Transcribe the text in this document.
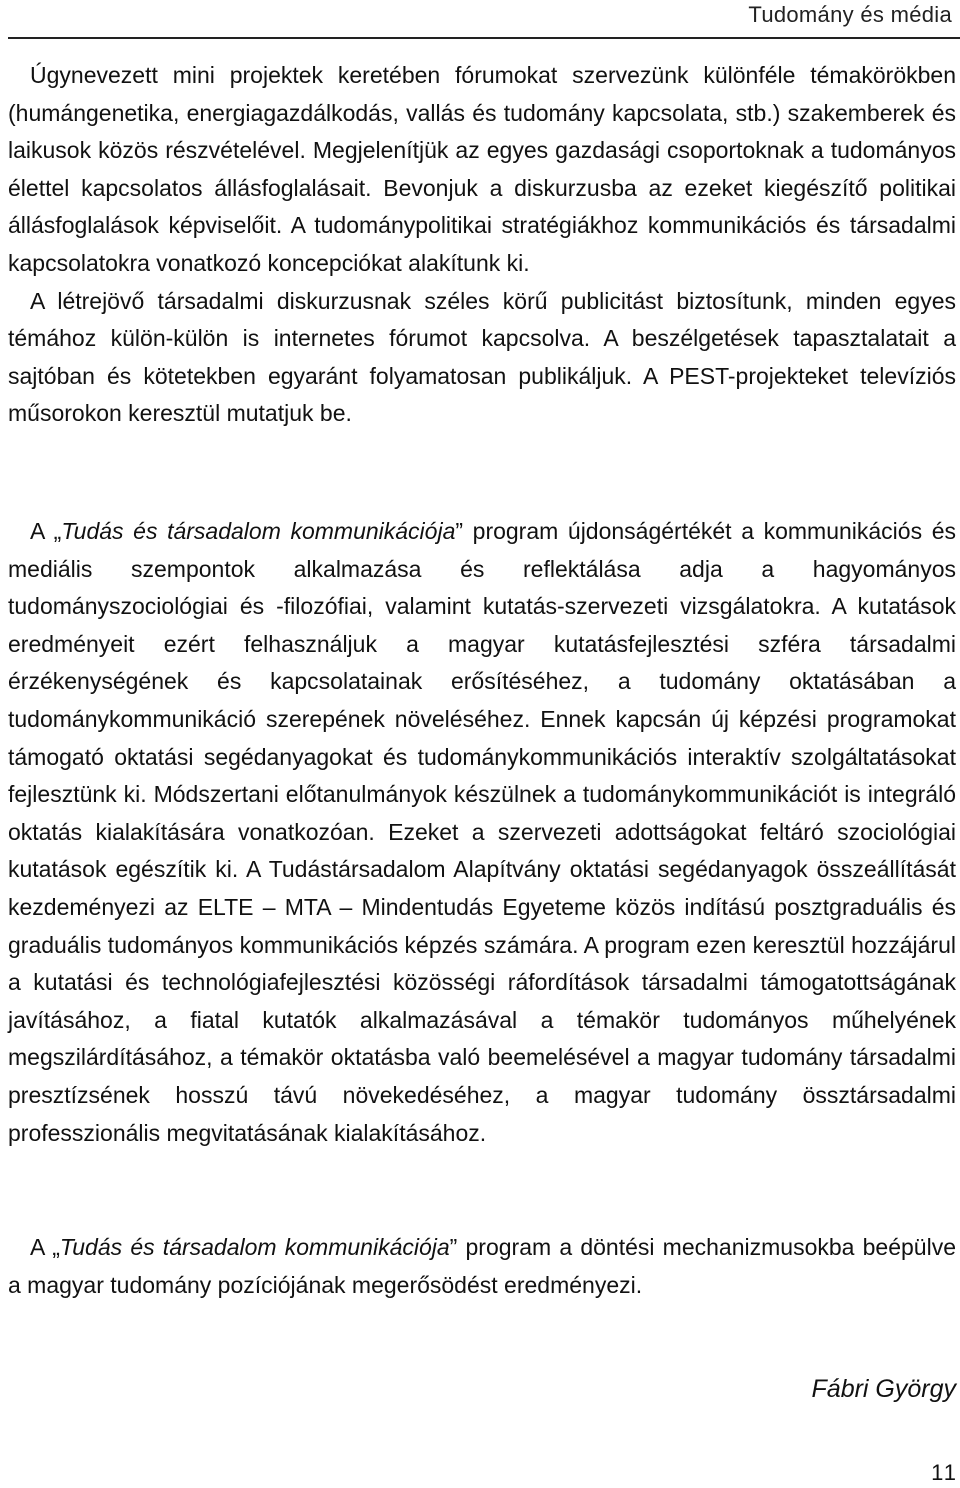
Tudomány és média

Úgynevezett mini projektek keretében fórumokat szervezünk különféle témakörökben (humángenetika, energiagazdálkodás, vallás és tudomány kapcsolata, stb.) szakemberek és laikusok közös részvételével. Megjelenítjük az egyes gazdasági csoportoknak a tudományos élettel kapcsolatos állásfoglalásait. Bevonjuk a diskurzusba az ezeket kiegészítő politikai állásfoglalások képviselőit. A tudománypolitikai stratégiákhoz kommunikációs és társadalmi kapcsolatokra vonatkozó koncepciókat alakítunk ki.

A létrejövő társadalmi diskurzusnak széles körű publicitást biztosítunk, minden egyes témához külön-külön is internetes fórumot kapcsolva. A beszélgetések tapasztalatait a sajtóban és kötetekben egyaránt folyamatosan publikáljuk. A PEST-projekteket televíziós műsorokon keresztül mutatjuk be.

A „Tudás és társadalom kommunikációja” program újdonságértékét a kommunikációs és mediális szempontok alkalmazása és reflektálása adja a hagyományos tudományszociológiai és -filozófiai, valamint kutatás-szervezeti vizsgálatokra. A kutatások eredményeit ezért felhasználjuk a magyar kutatásfejlesztési szféra társadalmi érzékenységének és kapcsolatainak erősítéséhez, a tudomány oktatásában a tudománykommunikáció szerepének növeléséhez. Ennek kapcsán új képzési programokat támogató oktatási segédanyagokat és tudománykommunikációs interaktív szolgáltatásokat fejlesztünk ki. Módszertani előtanulmányok készülnek a tudománykommunikációt is integráló oktatás kialakítására vonatkozóan. Ezeket a szervezeti adottságokat feltáró szociológiai kutatások egészítik ki. A Tudástársadalom Alapítvány oktatási segédanyagok összeállítását kezdeményezi az ELTE – MTA – Mindentudás Egyeteme közös indítású posztgraduális és graduális tudományos kommunikációs képzés számára. A program ezen keresztül hozzájárul a kutatási és technológiafejlesztési közösségi ráfordítások társadalmi támogatottságának javításához, a fiatal kutatók alkalmazásával a témakör tudományos műhelyének megszilárdításához, a témakör oktatásba való beemelésével a magyar tudomány társadalmi presztízsének hosszú távú növekedéséhez, a magyar tudomány össztársadalmi professzionális megvitatásának kialakításához.

A „Tudás és társadalom kommunikációja” program a döntési mechanizmusokba beépülve a magyar tudomány pozíciójának megerősödést eredményezi.

Fábri György
11
